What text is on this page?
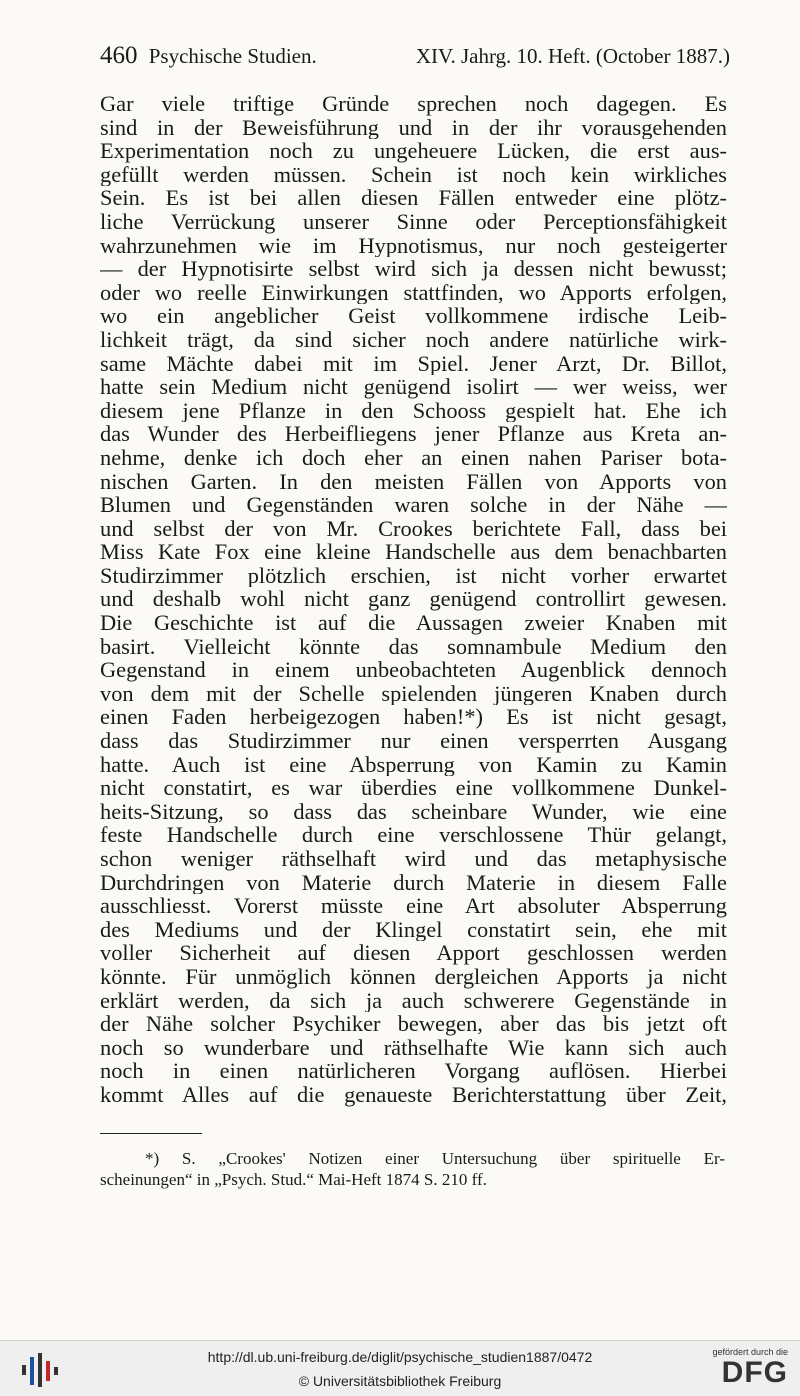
460 Psychische Studien.	XIV. Jahrg. 10. Heft. (October 1887.)
Gar viele triftige Gründe sprechen noch dagegen. Es
sind in der Beweisführung und in der ihr vorausgehenden
Experimentation noch zu ungeheuere Lücken, die erst aus-
gefüllt werden müssen. Schein ist noch kein wirkliches
Sein. Es ist bei allen diesen Fällen entweder eine plötz-
liche Verrückung unserer Sinne oder Perceptionsfähigkeit
wahrzunehmen wie im Hypnotismus, nur noch gesteigerter
— der Hypnotisirte selbst wird sich ja dessen nicht bewusst;
oder wo reelle Einwirkungen stattfinden, wo Apports erfolgen,
wo ein angeblicher Geist vollkommene irdische Leib-
lichkeit trägt, da sind sicher noch andere natürliche wirk-
same Mächte dabei mit im Spiel. Jener Arzt, Dr. Billot,
hatte sein Medium nicht genügend isolirt — wer weiss, wer
diesem jene Pflanze in den Schooss gespielt hat. Ehe ich
das Wunder des Herbeifliegens jener Pflanze aus Kreta an-
nehme, denke ich doch eher an einen nahen Pariser bota-
nischen Garten. In den meisten Fällen von Apports von
Blumen und Gegenständen waren solche in der Nähe —
und selbst der von Mr. Crookes berichtete Fall, dass bei
Miss Kate Fox eine kleine Handschelle aus dem benachbarten
Studirzimmer plötzlich erschien, ist nicht vorher erwartet
und deshalb wohl nicht ganz genügend controllirt gewesen.
Die Geschichte ist auf die Aussagen zweier Knaben mit
basirt. Vielleicht könnte das somnambule Medium den
Gegenstand in einem unbeobachteten Augenblick dennoch
von dem mit der Schelle spielenden jüngeren Knaben durch
einen Faden herbeigezogen haben!*) Es ist nicht gesagt,
dass das Studirzimmer nur einen versperrten Ausgang
hatte. Auch ist eine Absperrung von Kamin zu Kamin
nicht constatirt, es war überdies eine vollkommene Dunkel-
heits-Sitzung, so dass das scheinbare Wunder, wie eine
feste Handschelle durch eine verschlossene Thür gelangt,
schon weniger räthselhaft wird und das metaphysische
Durchdringen von Materie durch Materie in diesem Falle
ausschliesst. Vorerst müsste eine Art absoluter Absperrung
des Mediums und der Klingel constatirt sein, ehe mit
voller Sicherheit auf diesen Apport geschlossen werden
könnte. Für unmöglich können dergleichen Apports ja nicht
erklärt werden, da sich ja auch schwerere Gegenstände in
der Nähe solcher Psychiker bewegen, aber das bis jetzt oft
noch so wunderbare und räthselhafte Wie kann sich auch
noch in einen natürlicheren Vorgang auflösen. Hierbei
kommt Alles auf die genaueste Berichterstattung über Zeit,
*) S. „Crookes' Notizen einer Untersuchung über spirituelle Er-
scheinungen“ in „Psych. Stud.“ Mai-Heft 1874 S. 210 ff.
http://dl.ub.uni-freiburg.de/diglit/psychische_studien1887/0472
© Universitätsbibliothek Freiburg
gefördert durch die
DFG
